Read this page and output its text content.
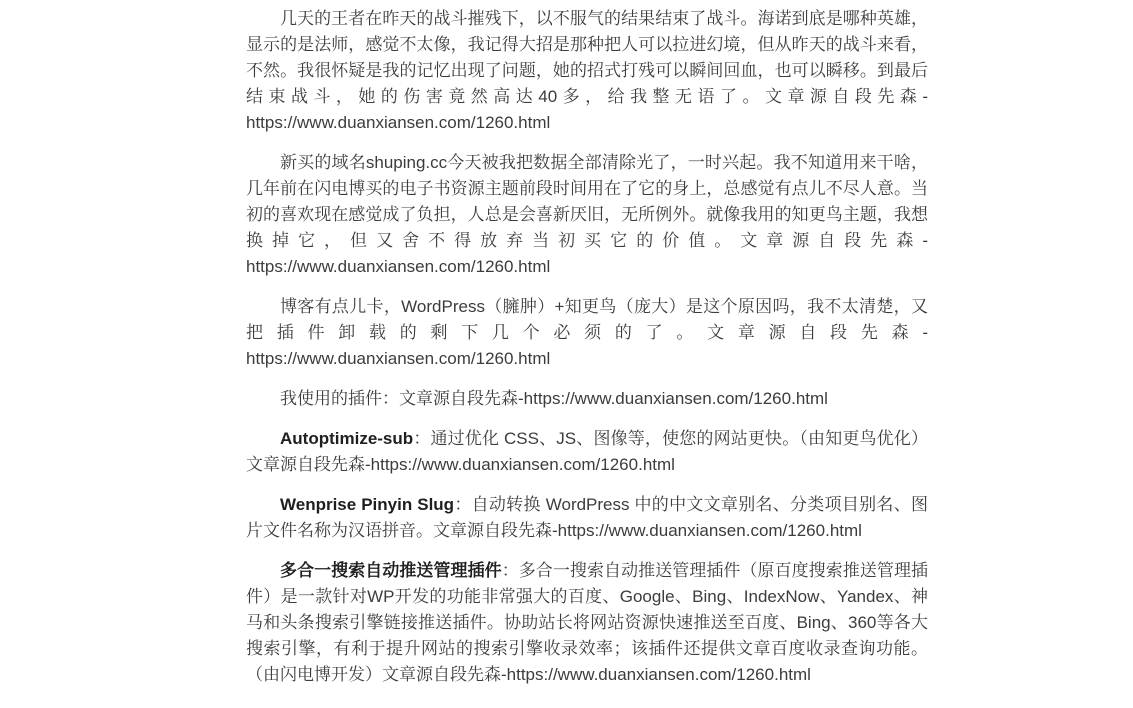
几天的王者在昨天的战斗摧残下，以不服气的结果结束了战斗。海诺到底是哪种英雄，显示的是法师，感觉不太像，我记得大招是那种把人可以拉进幻境，但从昨天的战斗来看，不然。我很怀疑是我的记忆出现了问题，她的招式打残可以瞬间回血，也可以瞬移。到最后结束战斗，她的伤害竟然高达40多，给我整无语了。文章源自段先森-https://www.duanxiansen.com/1260.html

新买的域名shuping.cc今天被我把数据全部清除光了，一时兴起。我不知道用来干啥，几年前在闪电博买的电子书资源主题前段时间用在了它的身上，总感觉有点儿不尽人意。当初的喜欢现在感觉成了负担，人总是会喜新厌旧，无所例外。就像我用的知更鸟主题，我想换掉它，但又舍不得放弃当初买它的价值。文章源自段先森-https://www.duanxiansen.com/1260.html

博客有点儿卡，WordPress（臃肿）+知更鸟（庞大）是这个原因吗，我不太清楚，又把插件卸载的剩下几个必须的了。文章源自段先森-https://www.duanxiansen.com/1260.html

我使用的插件：文章源自段先森-https://www.duanxiansen.com/1260.html

Autoptimize-sub：通过优化 CSS、JS、图像等，使您的网站更快。（由知更鸟优化）文章源自段先森-https://www.duanxiansen.com/1260.html

Wenprise Pinyin Slug：自动转换 WordPress 中的中文文章别名、分类项目别名、图片文件名称为汉语拼音。文章源自段先森-https://www.duanxiansen.com/1260.html

多合一搜索自动推送管理插件：多合一搜索自动推送管理插件（原百度搜索推送管理插件）是一款针对WP开发的功能非常强大的百度、Google、Bing、IndexNow、Yandex、神马和头条搜索引擎链接推送插件。协助站长将网站资源快速推送至百度、Bing、360等各大搜索引擎，有利于提升网站的搜索引擎收录效率；该插件还提供文章百度收录查询功能。（由闪电博开发）文章源自段先森-https://www.duanxiansen.com/1260.html
